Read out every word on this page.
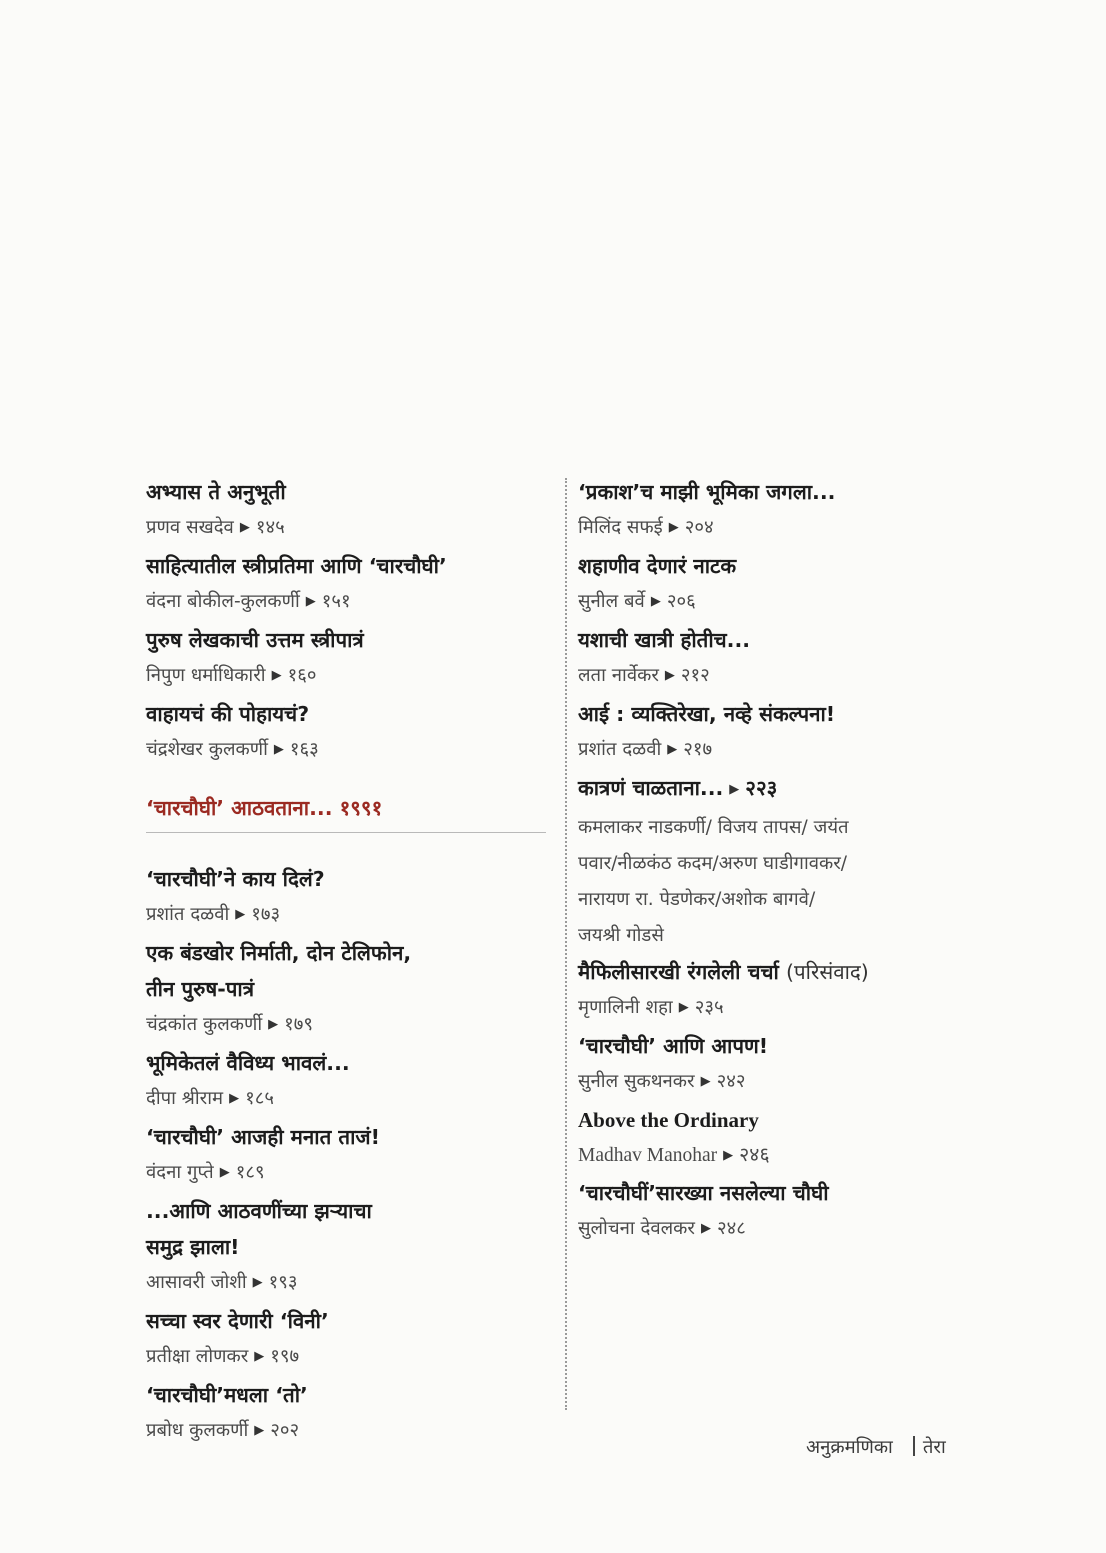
अभ्यास ते अनुभूती
प्रणव सखदेव ▶ १४५
साहित्यातील स्त्रीप्रतिमा आणि ‘चारचौघी’
वंदना बोकील-कुलकर्णी ▶ १५१
पुरुष लेखकाची उत्तम स्त्रीपात्रं
निपुण धर्माधिकारी ▶ १६०
वाहायचं की पोहायचं?
चंद्रशेखर कुलकर्णी ▶ १६३
‘चारचौघी’ आठवताना... १९९१
‘चारचौघी’ने काय दिलं?
प्रशांत दळवी ▶ १७३
एक बंडखोर निर्माती, दोन टेलिफोन,
तीन पुरुष-पात्रं
चंद्रकांत कुलकर्णी ▶ १७९
भूमिकेतलं वैविध्य भावलं...
दीपा श्रीराम ▶ १८५
‘चारचौघी’ आजही मनात ताजं!
वंदना गुप्ते ▶ १८९
...आणि आठवणींच्या झऱ्याचा
समुद्र झाला!
आसावरी जोशी ▶ १९३
सच्चा स्वर देणारी ‘विनी’
प्रतीक्षा लोणकर ▶ १९७
‘चारचौघी’मधला ‘तो’
प्रबोध कुलकर्णी ▶ २०२
‘प्रकाश’च माझी भूमिका जगला...
मिलिंद सफई ▶ २०४
शहाणीव देणारं नाटक
सुनील बर्वे ▶ २०६
यशाची खात्री होतीच...
लता नार्वेकर ▶ २१२
आई : व्यक्तिरेखा, नव्हे संकल्पना!
प्रशांत दळवी ▶ २१७
कात्रणं चाळताना... ▶ २२३
कमलाकर नाडकर्णी/ विजय तापस/ जयंत
पवार/नीळकंठ कदम/अरुण घाडीगावकर/
नारायण रा. पेडणेकर/अशोक बागवे/
जयश्री गोडसे
मैफिलीसारखी रंगलेली चर्चा (परिसंवाद)
मृणालिनी शहा ▶ २३५
‘चारचौघी’ आणि आपण!
सुनील सुकथनकर ▶ २४२
Above the Ordinary
Madhav Manohar ▶ २४६
‘चारचौघीं’सारख्या नसलेल्या चौघी
सुलोचना देवलकर ▶ २४८
अनुक्रमणिका तेरा
